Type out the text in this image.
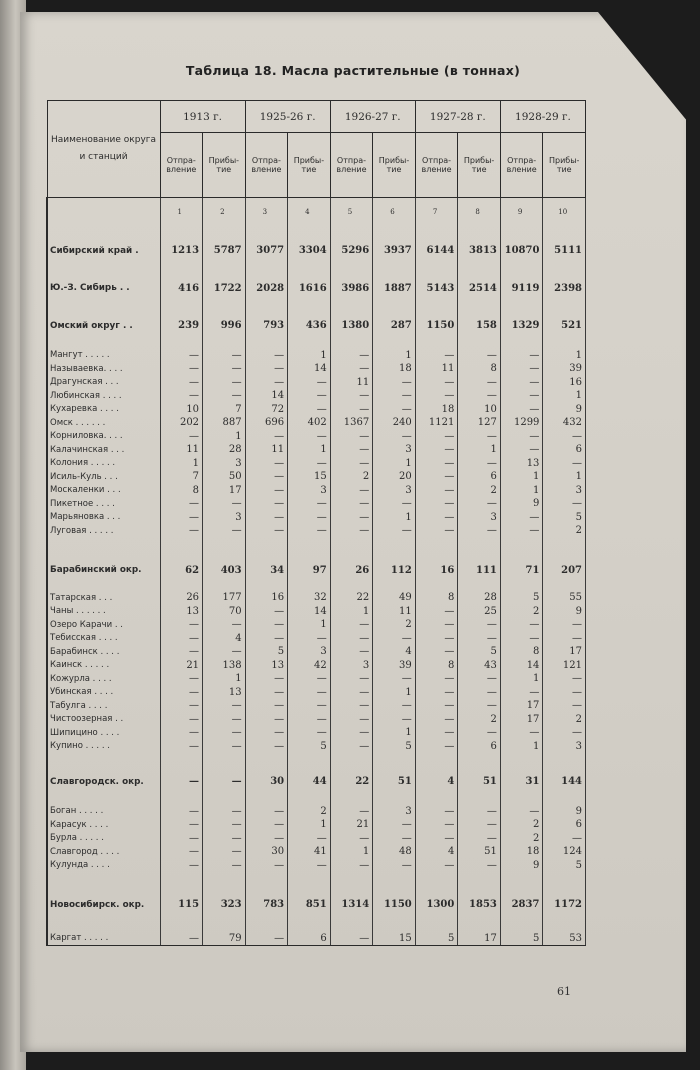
Таблица 18. Масла растительные (в тоннах)
Наименование округа и станций	1913 г.		1925-26 г.		1926-27 г.		1927-28 г.		1928-29 г.	
	Отпра-вление	Прибы-тие	Отпра-вление	Прибы-тие	Отпра-вление	Прибы-тие	Отпра-вление	Прибы-тие	Отпра-вление	Прибы-тие
	1	2	3	4	5	6	7	8	9	10
Сибирский край .	1213	5787	3077	3304	5296	3937	6144	3813	10870	5111
Ю.-З. Сибирь . .	416	1722	2028	1616	3986	1887	5143	2514	9119	2398
Омский округ . .	239	996	793	436	1380	287	1150	158	1329	521
Мангут . . . . .	—	—	—	1	—	1	—	—	—	1
Называевка. . . .	—	—	—	14	—	18	11	8	—	39
Драгунская . . .	—	—	—	—	11	—	—	—	—	16
Любинская . . . .	—	—	14	—	—	—	—	—	—	1
Кухаревка . . . .	10	7	72	—	—	—	18	10	—	9
Омск . . . . . .	202	887	696	402	1367	240	1121	127	1299	432
Корниловка. . . .	—	1	—	—	—	—	—	—	—	—
Калачинская . . .	11	28	11	1	—	3	—	1	—	6
Колония . . . . .	1	3	—	—	—	1	—	—	13	—
Исиль-Куль . . .	7	50	—	15	2	20	—	6	1	1
Москаленки . . .	8	17	—	3	—	3	—	2	1	3
Пикетное . . . .	—	—	—	—	—	—	—	—	9	—
Марьяновка . . .	—	3	—	—	—	1	—	3	—	5
Луговая . . . . .	—	—	—	—	—	—	—	—	—	2
Барабинский окр.	62	403	34	97	26	112	16	111	71	207
Татарская . . .	26	177	16	32	22	49	8	28	5	55
Чаны . . . . . .	13	70	—	14	1	11	—	25	2	9
Озеро Карачи . .	—	—	—	1	—	2	—	—	—	—
Тебисская . . . .	—	4	—	—	—	—	—	—	—	—
Барабинск . . . .	—	—	5	3	—	4	—	5	8	17
Каинск . . . . .	21	138	13	42	3	39	8	43	14	121
Кожурла . . . .	—	1	—	—	—	—	—	—	1	—
Убинская . . . .	—	13	—	—	—	1	—	—	—	—
Табулга . . . .	—	—	—	—	—	—	—	—	17	—
Чистоозерная . .	—	—	—	—	—	—	—	2	17	2
Шипицино . . . .	—	—	—	—	—	1	—	—	—	—
Купино . . . . .	—	—	—	5	—	5	—	6	1	3
Славгородск. окр.	—	—	30	44	22	51	4	51	31	144
Боган . . . . .	—	—	—	2	—	3	—	—	—	9
Карасук . . . .	—	—	—	1	21	—	—	—	2	6
Бурла . . . . .	—	—	—	—	—	—	—	—	2	—
Славгород . . . .	—	—	30	41	1	48	4	51	18	124
Кулунда . . . .	—	—	—	—	—	—	—	—	9	5
Новосибирск. окр.	115	323	783	851	1314	1150	1300	1853	2837	1172
Каргат . . . . .	—	79	—	6	—	15	5	17	5	53
61
